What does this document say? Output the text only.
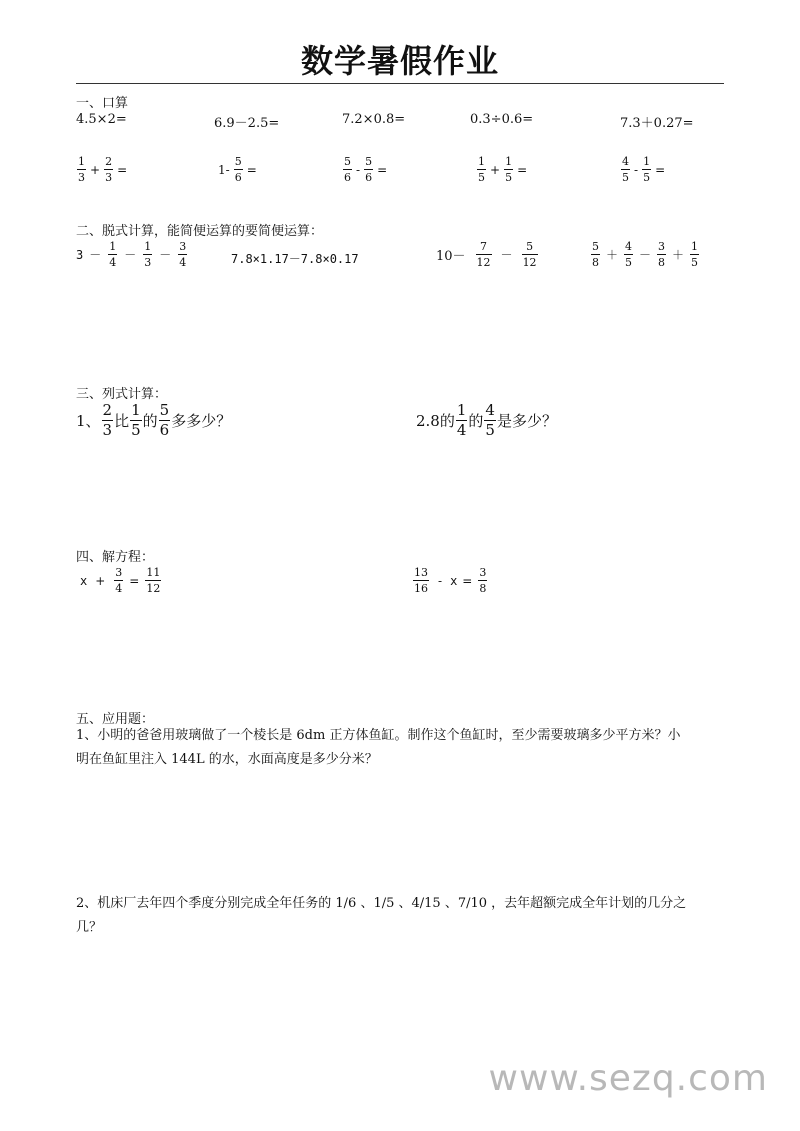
数学暑假作业
一、口算
4.5×2=	6.9－2.5=	7.2×0.8=	0.3÷0.6=	7.3＋0.27=
$\frac{1}{3} + \frac{2}{3}$ =	$1- \frac{5}{6}$ =	$\frac{5}{6} - \frac{5}{6}$ =	$\frac{1}{5} + \frac{1}{5}$ =	$\frac{4}{5} - \frac{1}{5}$ =
二、脱式计算，能简便运算的要简便运算：
$3 - \frac{1}{4} - \frac{1}{3} - \frac{3}{4}$	7.8×1.17－7.8×0.17	$10- \frac{7}{12} - \frac{5}{12}$	$\frac{5}{8} + \frac{4}{5} - \frac{3}{8} + \frac{1}{5}$
三、列式计算：
1、 $\frac{2}{3}$ 比 $\frac{1}{5}$ 的 $\frac{5}{6}$ 多多少？	2.8的 $\frac{1}{4}$ 的 $\frac{4}{5}$ 是多少？
四、解方程：
$x + \frac{3}{4} = \frac{11}{12}$	$\frac{13}{16} - x = \frac{3}{8}$
五、应用题：
1、小明的爸爸用玻璃做了一个棱长是 6dm 正方体鱼缸。制作这个鱼缸时，至少需要玻璃多少平方米？小
明在鱼缸里注入 144L 的水，水面高度是多少分米？
2、机床厂去年四个季度分别完成全年任务的 1/6 、1/5 、4/15 、7/10 ，去年超额完成全年计划的几分之
几？
www.sezq.com
